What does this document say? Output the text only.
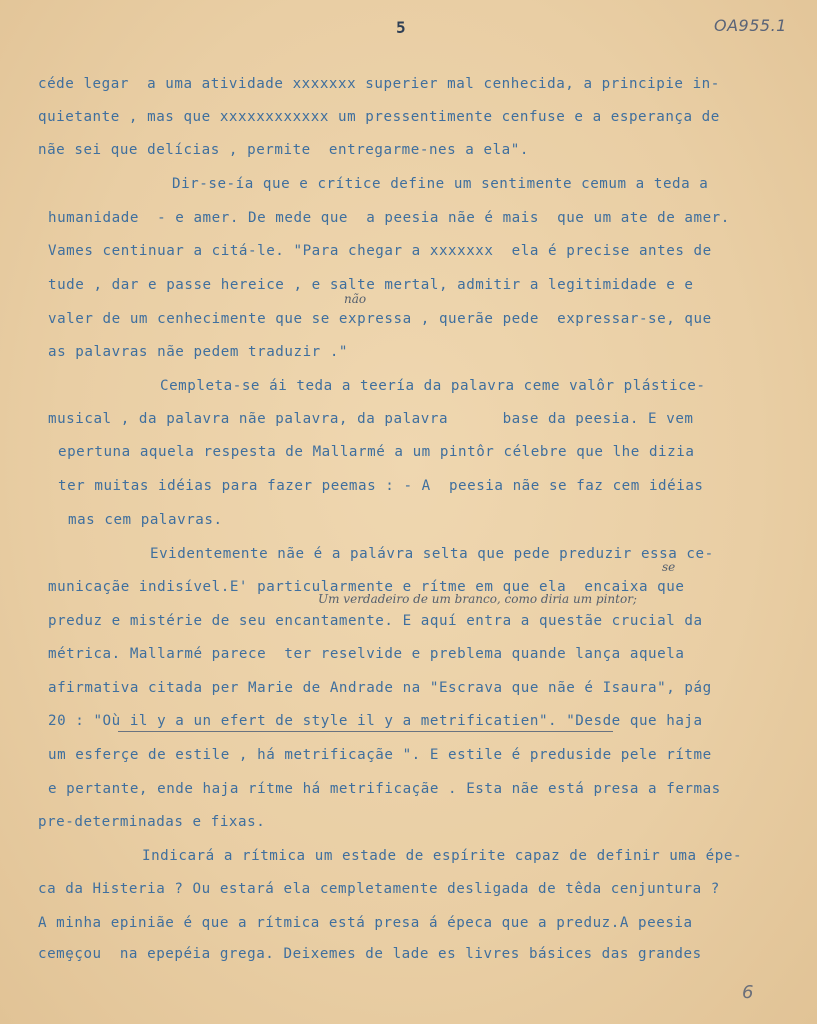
5	OA955.1
céde legar  a uma atividade xxxxxxx superier mal cenhecida, a principie in-
quietante , mas que xxxxxxxxxxxx um pressentimente cenfuse e a esperança de
nãe sei que delícias , permite  entregarme-nes a ela".
Dir-se-ía que e crítice define um sentimente cemum a teda a
humanidade  - e amer. De mede que  a peesia nãe é mais  que um ate de amer.
Vames centinuar a citá-le. "Para chegar a xxxxxxx  ela é precise antes de
tude , dar e passe hereice , e salte mertal, admitir a legitimidade e e
valer de um cenhecimente que se expressa , querãe pede  expressar-se, que
as palavras nãe pedem traduzir ."
Cempleta-se ái teda a teería da palavra ceme valôr plástice-
musical , da palavra nãe palavra, da palavra      base da peesia. E vem
epertuna aquela respesta de Mallarmé a um pintôr célebre que lhe dizia
ter muitas idéias para fazer peemas : - A  peesia nãe se faz cem idéias
mas cem palavras.
Evidentemente nãe é a palávra selta que pede preduzir essa ce-
municaçãe indisível.E' particularmente e rítme em que ela  encaixa que
preduz e mistérie de seu encantamente. E aquí entra a questãe crucial da
métrica. Mallarmé parece  ter reselvide e preblema quande lança aquela
afirmativa citada per Marie de Andrade na "Escrava que nãe é Isaura", pág
20 : "Où il y a un efert de style il y a metrificatien". "Desde que haja
um esferçe de estile , há metrificaçãe ". E estile é preduside pele rítme
e pertante, ende haja rítme há metrificaçãe . Esta nãe está presa a fermas
pre-determinadas e fixas.
Indicará a rítmica um estade de espírite capaz de definir uma épe-
ca da Histeria ? Ou estará ela cempletamente desligada de têda cenjuntura ?
A minha epiniãe é que a rítmica está presa á épeca que a preduz.A peesia
cemȩçou  na epepéia grega. Deixemes de lade es livres básices das grandes
não
se
Um verdadeiro de um branco, como diria um pintor;
6
